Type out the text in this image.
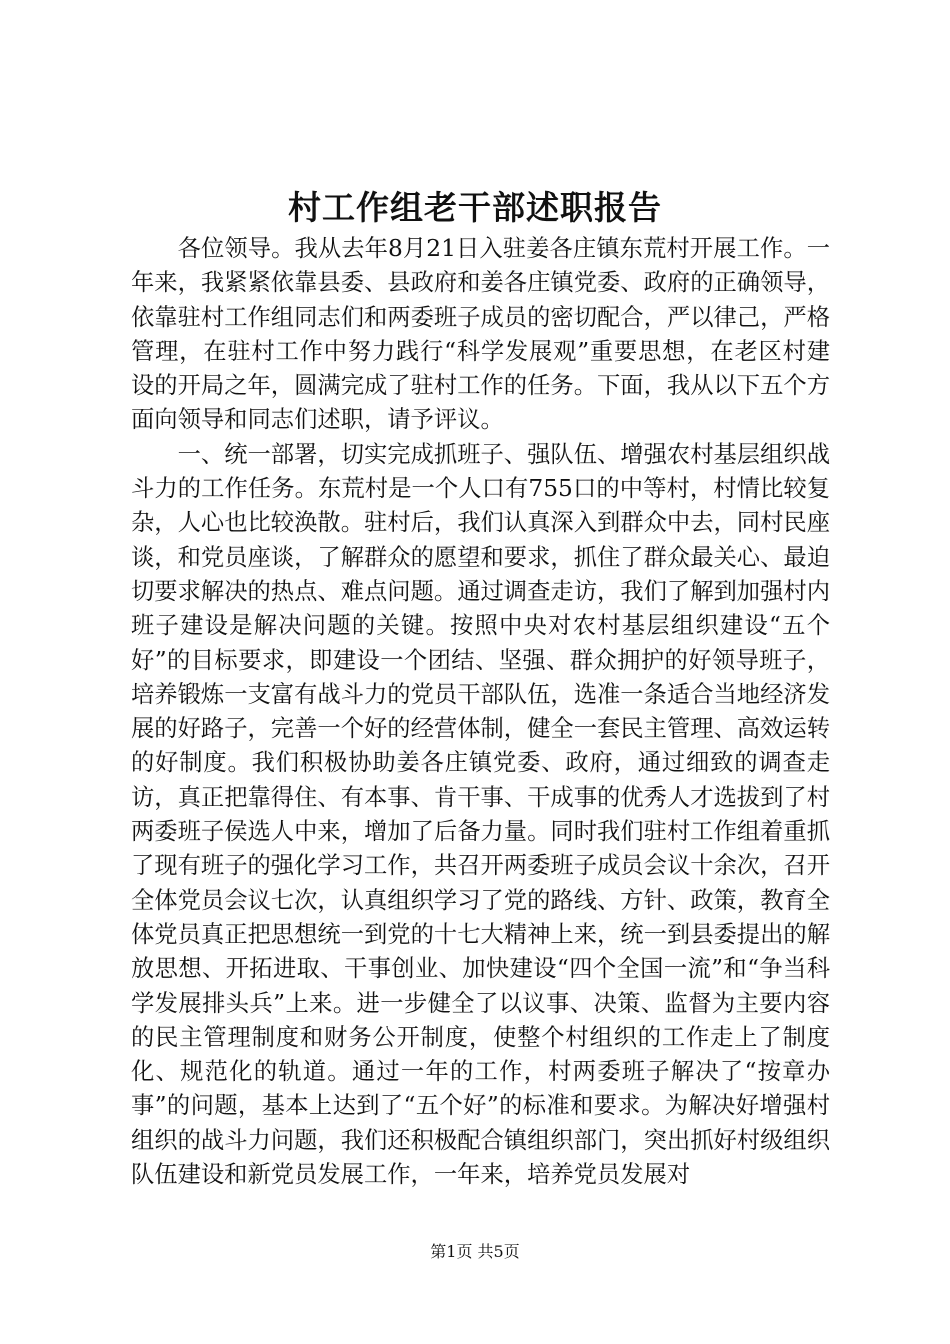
村工作组老干部述职报告

各位领导。我从去年8月21日入驻姜各庄镇东荒村开展工作。一年来，我紧紧依靠县委、县政府和姜各庄镇党委、政府的正确领导，依靠驻村工作组同志们和两委班子成员的密切配合，严以律己，严格管理，在驻村工作中努力践行“科学发展观”重要思想，在老区村建设的开局之年，圆满完成了驻村工作的任务。下面，我从以下五个方面向领导和同志们述职，请予评议。

一、统一部署，切实完成抓班子、强队伍、增强农村基层组织战斗力的工作任务。东荒村是一个人口有755口的中等村，村情比较复杂，人心也比较涣散。驻村后，我们认真深入到群众中去，同村民座谈，和党员座谈，了解群众的愿望和要求，抓住了群众最关心、最迫切要求解决的热点、难点问题。通过调查走访，我们了解到加强村内班子建设是解决问题的关键。按照中央对农村基层组织建设“五个好”的目标要求，即建设一个团结、坚强、群众拥护的好领导班子，培养锻炼一支富有战斗力的党员干部队伍，选准一条适合当地经济发展的好路子，完善一个好的经营体制，健全一套民主管理、高效运转的好制度。我们积极协助姜各庄镇党委、政府，通过细致的调查走访，真正把靠得住、有本事、肯干事、干成事的优秀人才选拔到了村两委班子侯选人中来，增加了后备力量。同时我们驻村工作组着重抓了现有班子的强化学习工作，共召开两委班子成员会议十余次，召开全体党员会议七次，认真组织学习了党的路线、方针、政策，教育全体党员真正把思想统一到党的十七大精神上来，统一到县委提出的解放思想、开拓进取、干事创业、加快建设“四个全国一流”和“争当科学发展排头兵”上来。进一步健全了以议事、决策、监督为主要内容的民主管理制度和财务公开制度，使整个村组织的工作走上了制度化、规范化的轨道。通过一年的工作，村两委班子解决了“按章办事”的问题，基本上达到了“五个好”的标准和要求。为解决好增强村组织的战斗力问题，我们还积极配合镇组织部门，突出抓好村级组织队伍建设和新党员发展工作，一年来，培养党员发展对

第1页 共5页
